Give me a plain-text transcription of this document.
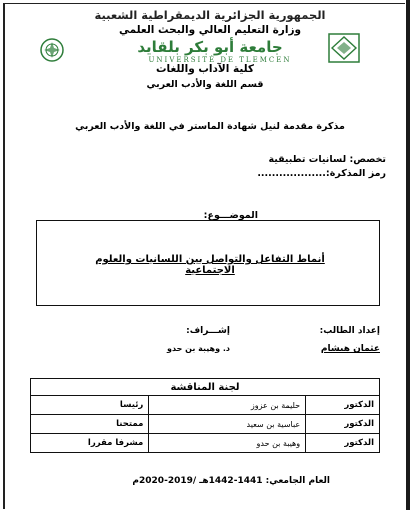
الجمهورية الجزائرية الديمقراطية الشعبية
وزارة التعليم العالي والبحث العلمي
جامعة أبو بكر بلقايد
UNIVERSITÉ DE TLEMCEN
كلية الآداب واللغات
قسم اللغة والأدب العربي
مذكرة مقدمة لنيل شهادة الماستر في اللغة والأدب العربي
تخصص: لسانيات تطبيقية
رمز المذكرة:...................
الموضـــوع:
أنماط التفاعل والتواصل بين اللسانيات والعلوم الاجتماعية
إعداد الطالب:
إشـــراف:
عثمان هيشام
د. وهيبة بن حدو
لجنة المناقشة		
الدكتور	حليمة بن عزوز	رئيسا
الدكتور	عباسية بن سعيد	ممتحنا
الدكتور	وهيبة بن حدو	مشرفا مقررا
العام الجامعي: 1441-1442هـ /2019-2020م
